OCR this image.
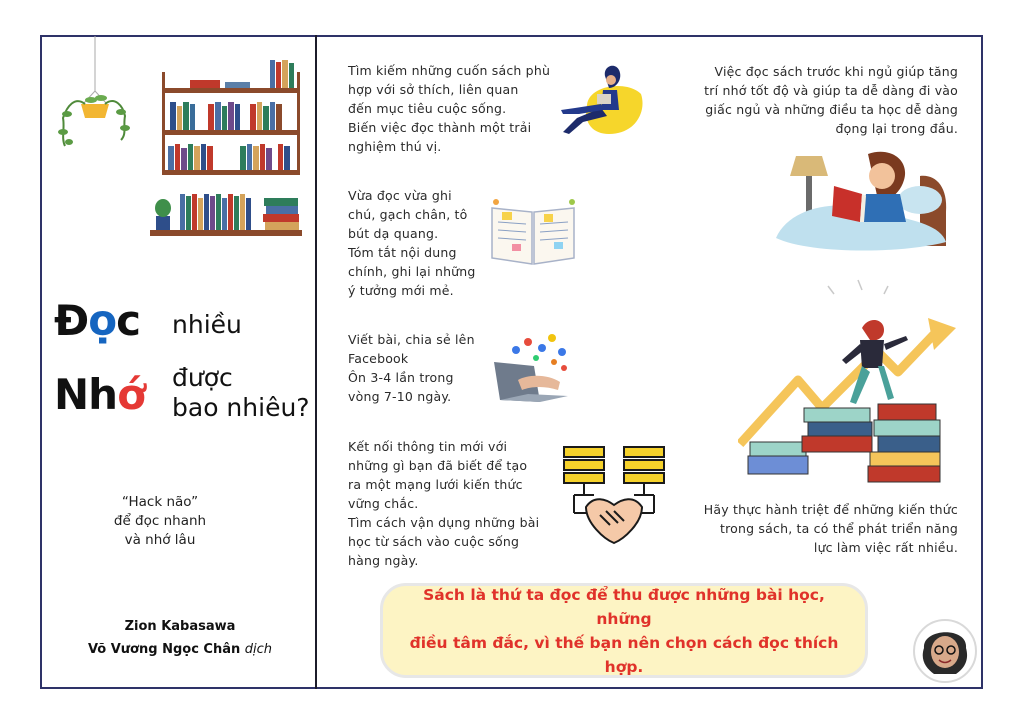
Đọc nhiều
Nhớ được
bao nhiêu?
“Hack não”
để đọc nhanh
và nhớ lâu
Zion Kabasawa
Võ Vương Ngọc Chân dịch
Tìm kiếm những cuốn sách phù
hợp với sở thích, liên quan
đến mục tiêu cuộc sống.
Biến việc đọc thành một trải
nghiệm thú vị.
Vừa đọc vừa ghi
chú, gạch chân, tô
bút dạ quang.
Tóm tắt nội dung
chính, ghi lại những
ý tưởng mới mẻ.
Viết bài, chia sẻ lên
Facebook
Ôn 3-4 lần trong
vòng 7-10 ngày.
Kết nối thông tin mới với
những gì bạn đã biết để tạo
ra một mạng lưới kiến thức
vững chắc.
Tìm cách vận dụng những bài
học từ sách vào cuộc sống
hàng ngày.
Việc đọc sách trước khi ngủ giúp tăng
trí nhớ tốt độ và giúp ta dễ dàng đi vào
giấc ngủ và những điều ta học dễ dàng
đọng lại trong đầu.
Hãy thực hành triệt để những kiến thức
trong sách, ta có thể phát triển năng
lực làm việc rất nhiều.
Sách là thứ ta đọc để thu được những bài học, những
điều tâm đắc, vì thế bạn nên chọn cách đọc thích hợp.
